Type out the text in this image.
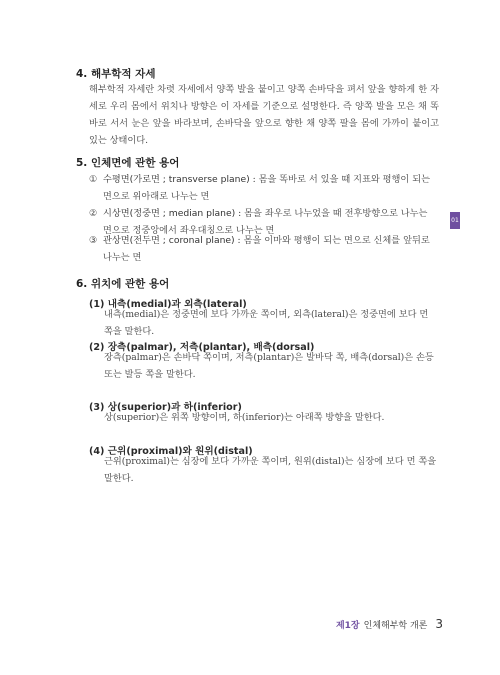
4. 해부학적 자세

해부학적 자세란 차렷 자세에서 양쪽 발을 붙이고 양쪽 손바닥을 펴서 앞을 향하게 한 자세로 우리 몸에서 위치나 방향은 이 자세를 기준으로 설명한다. 즉 양쪽 발을 모은 채 똑바로 서서 눈은 앞을 바라보며, 손바닥을 앞으로 향한 채 양쪽 팔을 몸에 가까이 붙이고 있는 상태이다.

5. 인체면에 관한 용어
① 수평면(가로면 ; transverse plane) : 몸을 똑바로 서 있을 때 지표와 평행이 되는 면으로 위아래로 나누는 면
② 시상면(정중면 ; median plane) : 몸을 좌우로 나누었을 때 전후방향으로 나누는 면으로 정중앙에서 좌우대칭으로 나누는 면
③ 관상면(전두면 ; coronal plane) : 몸을 이마와 평행이 되는 면으로 신체를 앞뒤로 나누는 면
6. 위치에 관한 용어
(1) 내측(medial)과 외측(lateral)

내측(medial)은 정중면에 보다 가까운 쪽이며, 외측(lateral)은 정중면에 보다 먼 쪽을 말한다.

(2) 장측(palmar), 저측(plantar), 배측(dorsal)

장측(palmar)은 손바닥 쪽이며, 저측(plantar)은 발바닥 쪽, 배측(dorsal)은 손등 또는 발등 쪽을 말한다.

(3) 상(superior)과 하(inferior)

상(superior)은 위쪽 방향이며, 하(inferior)는 아래쪽 방향을 말한다.

(4) 근위(proximal)와 원위(distal)

근위(proximal)는 심장에 보다 가까운 쪽이며, 원위(distal)는 심장에 보다 먼 쪽을 말한다.

01
제1장 인체해부학 개론 3
